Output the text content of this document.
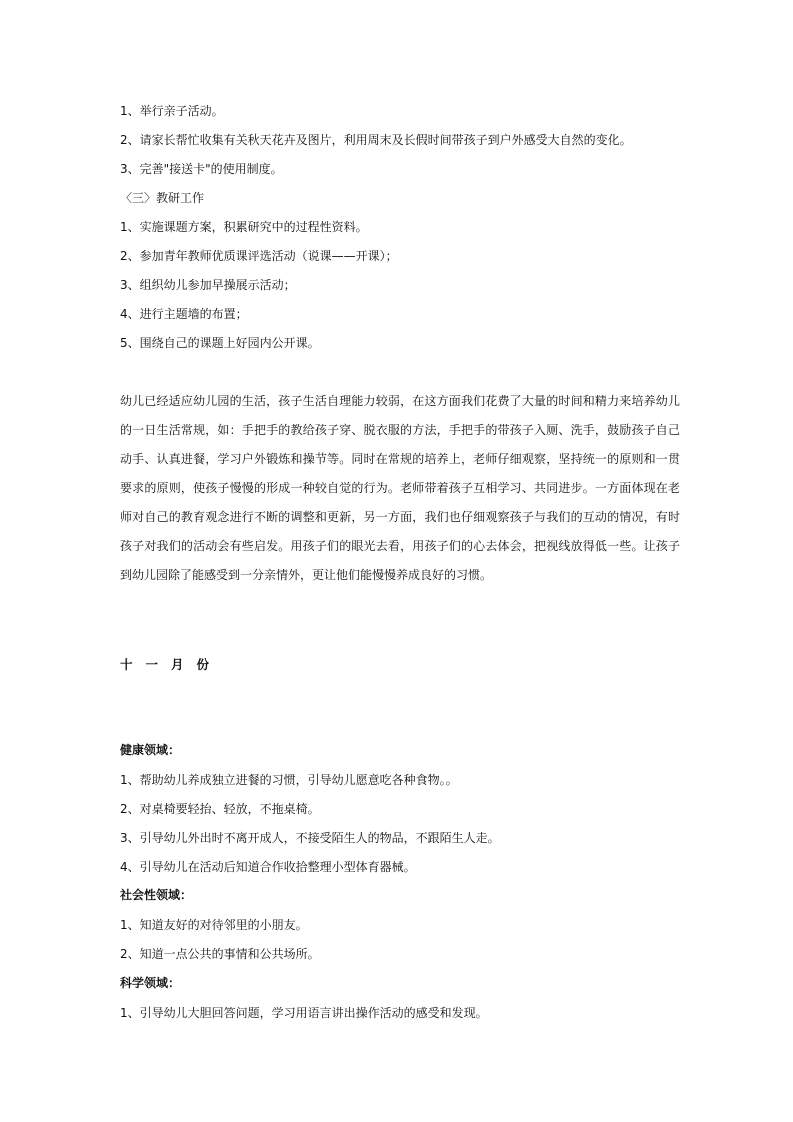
1、举行亲子活动。

2、请家长帮忙收集有关秋天花卉及图片，利用周末及长假时间带孩子到户外感受大自然的变化。

3、完善"接送卡"的使用制度。

〈三〉教研工作

1、实施课题方案，积累研究中的过程性资料。

2、参加青年教师优质课评选活动（说课——开课）；

3、组织幼儿参加早操展示活动；

4、进行主题墙的布置；

5、围绕自己的课题上好园内公开课。

幼儿已经适应幼儿园的生活，孩子生活自理能力较弱，在这方面我们花费了大量的时间和精力来培养幼儿的一日生活常规，如：手把手的教给孩子穿、脱衣服的方法，手把手的带孩子入厕、洗手，鼓励孩子自己动手、认真进餐，学习户外锻炼和操节等。同时在常规的培养上，老师仔细观察，坚持统一的原则和一贯要求的原则，使孩子慢慢的形成一种较自觉的行为。老师带着孩子互相学习、共同进步。一方面体现在老师对自己的教育观念进行不断的调整和更新，另一方面，我们也仔细观察孩子与我们的互动的情况，有时孩子对我们的活动会有些启发。用孩子们的眼光去看，用孩子们的心去体会，把视线放得低一些。让孩子到幼儿园除了能感受到一分亲情外，更让他们能慢慢养成良好的习惯。

十一月份

健康领域：

1、帮助幼儿养成独立进餐的习惯，引导幼儿愿意吃各种食物。。

2、对桌椅要轻抬、轻放，不拖桌椅。

3、引导幼儿外出时不离开成人，不接受陌生人的物品，不跟陌生人走。

4、引导幼儿在活动后知道合作收拾整理小型体育器械。

社会性领域：

1、知道友好的对待邻里的小朋友。

2、知道一点公共的事情和公共场所。

科学领域：

1、引导幼儿大胆回答问题，学习用语言讲出操作活动的感受和发现。
